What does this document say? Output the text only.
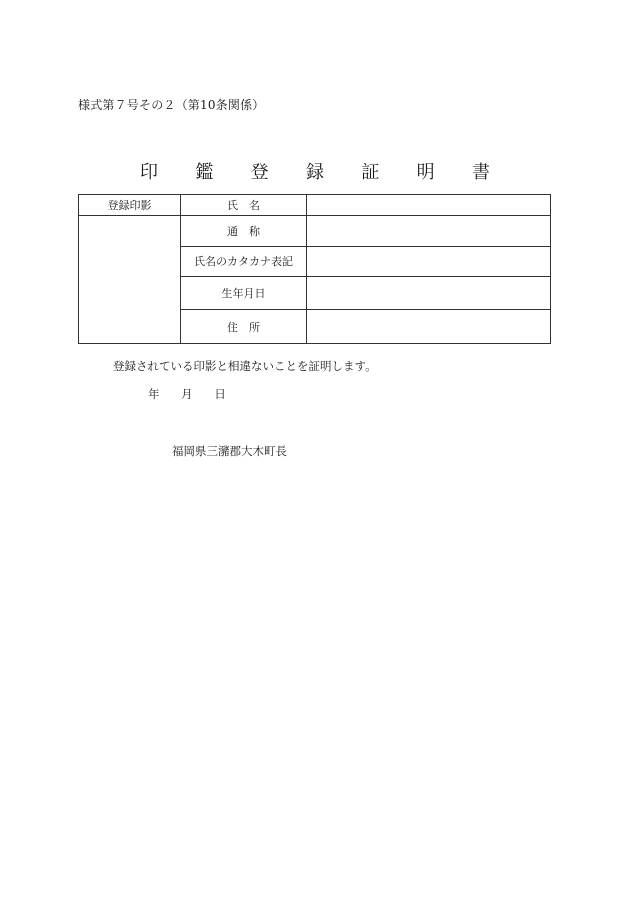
様式第７号その２（第10条関係）
印 鑑 登 録 証 明 書
登録印影	氏　名	

	通　称	
	氏名のカタカナ表記	
	生年月日	
	住　所	
登録されている印影と相違ないことを証明します。
年 月 日
福岡県三瀦郡大木町長
